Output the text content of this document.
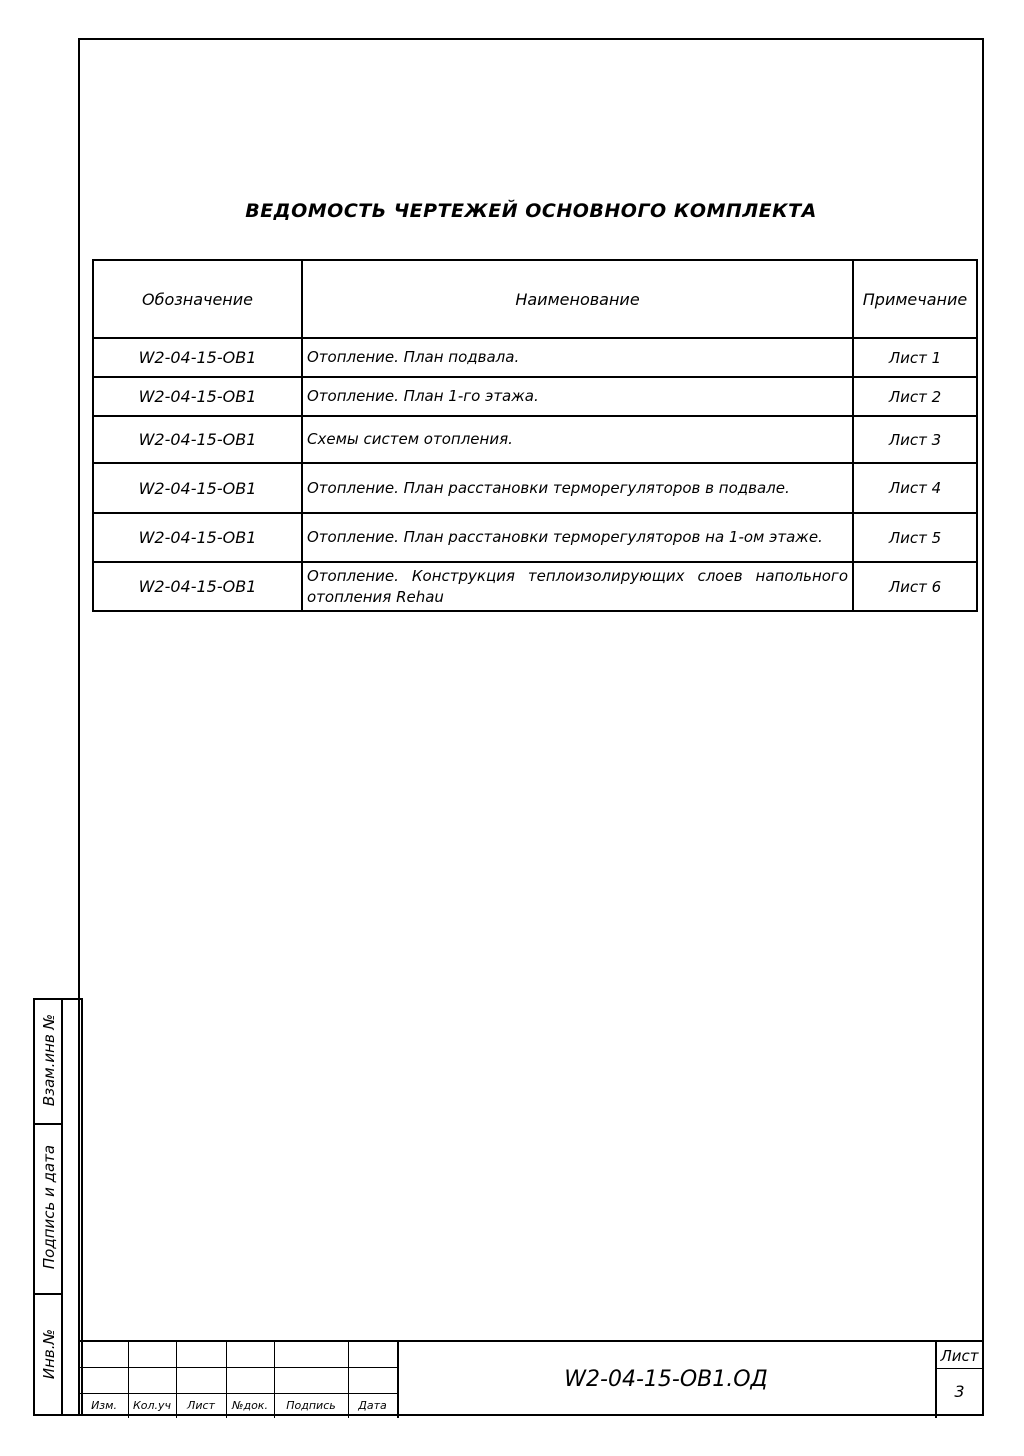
ВЕДОМОСТЬ ЧЕРТЕЖЕЙ ОСНОВНОГО КОМПЛЕКТА
Обозначение	Наименование	Примечание
W2-04-15-ОВ1	Отопление. План подвала.	Лист 1
W2-04-15-ОВ1	Отопление. План 1-го этажа.	Лист 2
W2-04-15-ОВ1	Схемы систем отопления.	Лист 3
W2-04-15-ОВ1	Отопление. План расстановки терморегуляторов в подвале.	Лист 4
W2-04-15-ОВ1	Отопление. План расстановки терморегуляторов на 1-ом этаже.	Лист 5
W2-04-15-ОВ1	Отопление. Конструкция теплоизолирующих слоев напольного отопления Rehau	Лист 6
Взам.инв №
Подпись и дата
Инв.№
Изм.	Кол.уч	Лист	№док.	Подпись	Дата
W2-04-15-ОВ1.ОД
Лист
3
